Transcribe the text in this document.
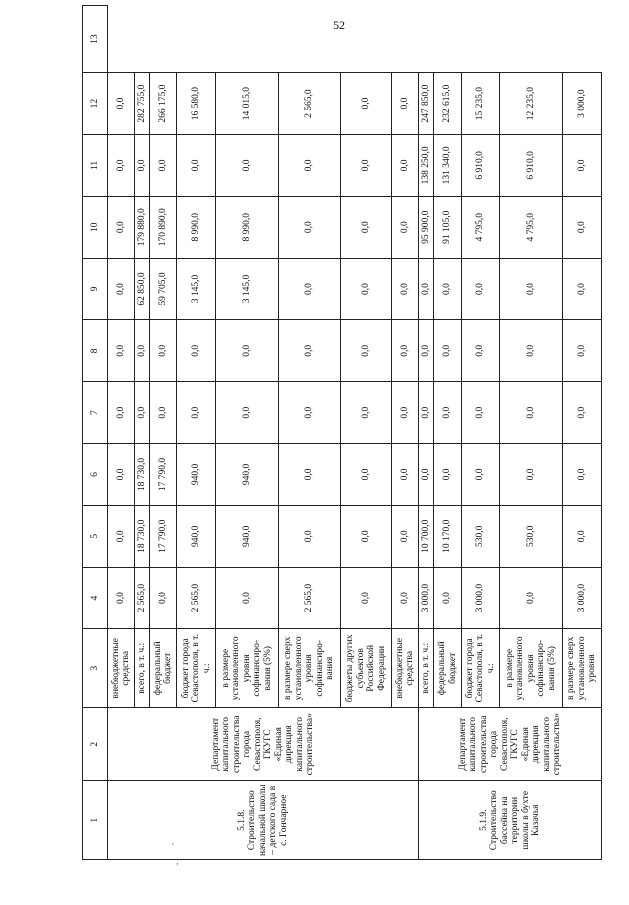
52
'
;
1	2	3	4	5	6	7	8	9	10	11	12	13
5.1.8. Строительство начальной школы – детского сада в с. Гончарное	Департамент капитального строительства города Севастополя, ГКУГС «Единая дирекция капитального строительства»	внебюджетные средства	0,0	0,0	0,0	0,0	0,0	0,0	0,0	0,0	0,0	
		всего, в т. ч.:	2 565,0	18 730,0	18 730,0	0,0	0,0	62 850,0	179 880,0	0,0	282 755,0	
		федеральный бюджет	0,0	17 790,0	17 790,0	0,0	0,0	59 705,0	170 890,0	0,0	266 175,0	
		бюджет города Севастополя, в т. ч.:	2 565,0	940,0	940,0	0,0	0,0	3 145,0	8 990,0	0,0	16 580,0	
		в размере установленного уровня софинансиро-вания (5%)	0,0	940,0	940,0	0,0	0,0	3 145,0	8 990,0	0,0	14 015,0	
		в размере сверх установленного уровня софинансиро-вания	2 565,0	0,0	0,0	0,0	0,0	0,0	0,0	0,0	2 565,0	
		бюджеты других субъектов Российской Федерации	0,0	0,0	0,0	0,0	0,0	0,0	0,0	0,0	0,0	
		внебюджетные средства	0,0	0,0	0,0	0,0	0,0	0,0	0,0	0,0	0,0	
5.1.9. Строительство бассейна на территории школы в бухте Казачья	Департамент капитального строительства города Севастополя, ГКУГС «Единая дирекция капитального строительства»	всего, в т. ч.:	3 000,0	10 700,0	0,0	0,0	0,0	0,0	95 900,0	138 250,0	247 850,0	
		федеральный бюджет	0,0	10 170,0	0,0	0,0	0,0	0,0	91 105,0	131 340,0	232 615,0	
		бюджет города Севастополя, в т. ч.:	3 000,0	530,0	0,0	0,0	0,0	0,0	4 795,0	6 910,0	15 235,0	
		в размере установленного уровня софинансиро-вания (5%)	0,0	530,0	0,0	0,0	0,0	0,0	4 795,0	6 910,0	12 235,0	
		в размере сверх установленного уровня	3 000,0	0,0	0,0	0,0	0,0	0,0	0,0	0,0	3 000,0	
